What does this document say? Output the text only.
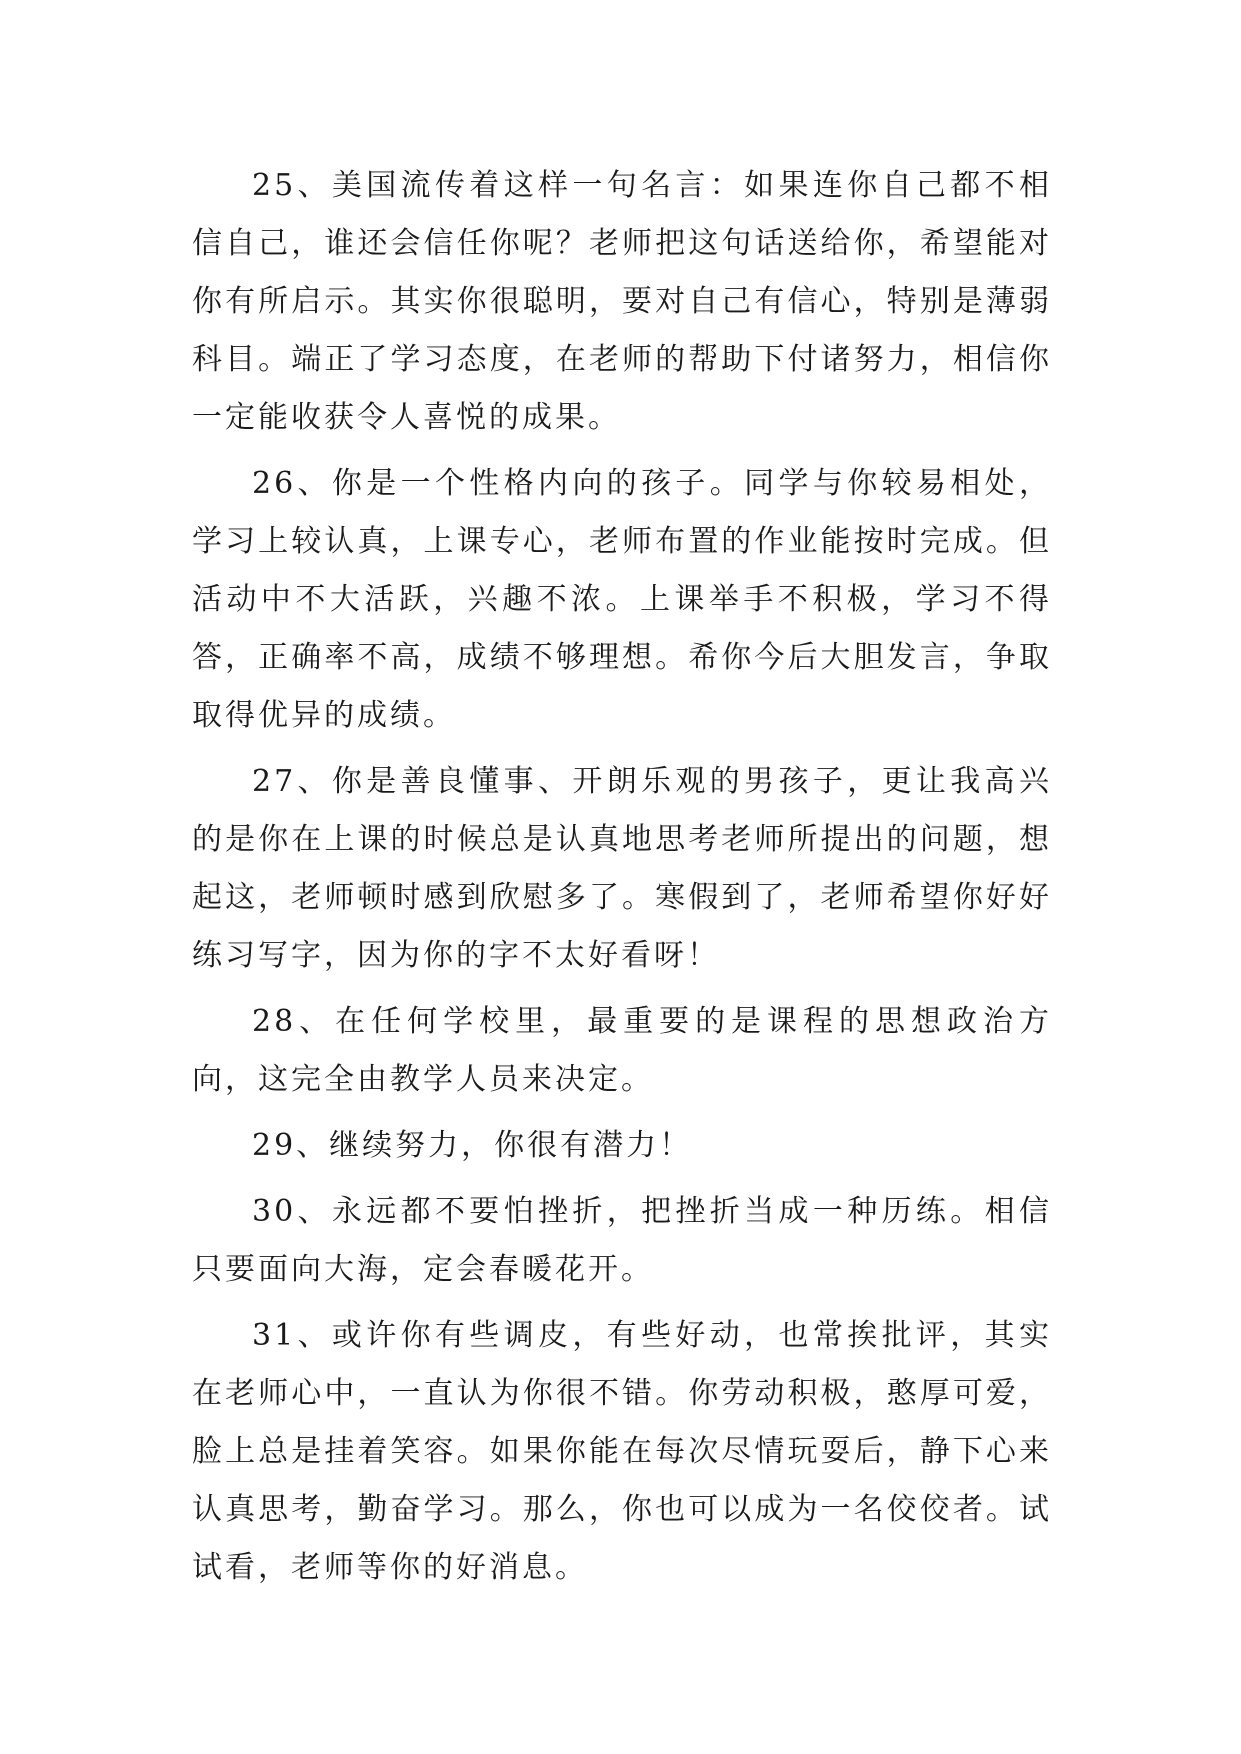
25、美国流传着这样一句名言：如果连你自己都不相信自己，谁还会信任你呢？老师把这句话送给你，希望能对你有所启示。其实你很聪明，要对自己有信心，特别是薄弱科目。端正了学习态度，在老师的帮助下付诸努力，相信你一定能收获令人喜悦的成果。

26、你是一个性格内向的孩子。同学与你较易相处，学习上较认真，上课专心，老师布置的作业能按时完成。但活动中不大活跃，兴趣不浓。上课举手不积极，学习不得答，正确率不高，成绩不够理想。希你今后大胆发言，争取取得优异的成绩。

27、你是善良懂事、开朗乐观的男孩子，更让我高兴的是你在上课的时候总是认真地思考老师所提出的问题，想起这，老师顿时感到欣慰多了。寒假到了，老师希望你好好练习写字，因为你的字不太好看呀！

28、在任何学校里，最重要的是课程的思想政治方向，这完全由教学人员来决定。

29、继续努力，你很有潜力！

30、永远都不要怕挫折，把挫折当成一种历练。相信只要面向大海，定会春暖花开。

31、或许你有些调皮，有些好动，也常挨批评，其实在老师心中，一直认为你很不错。你劳动积极，憨厚可爱，脸上总是挂着笑容。如果你能在每次尽情玩耍后，静下心来认真思考，勤奋学习。那么，你也可以成为一名佼佼者。试试看，老师等你的好消息。
